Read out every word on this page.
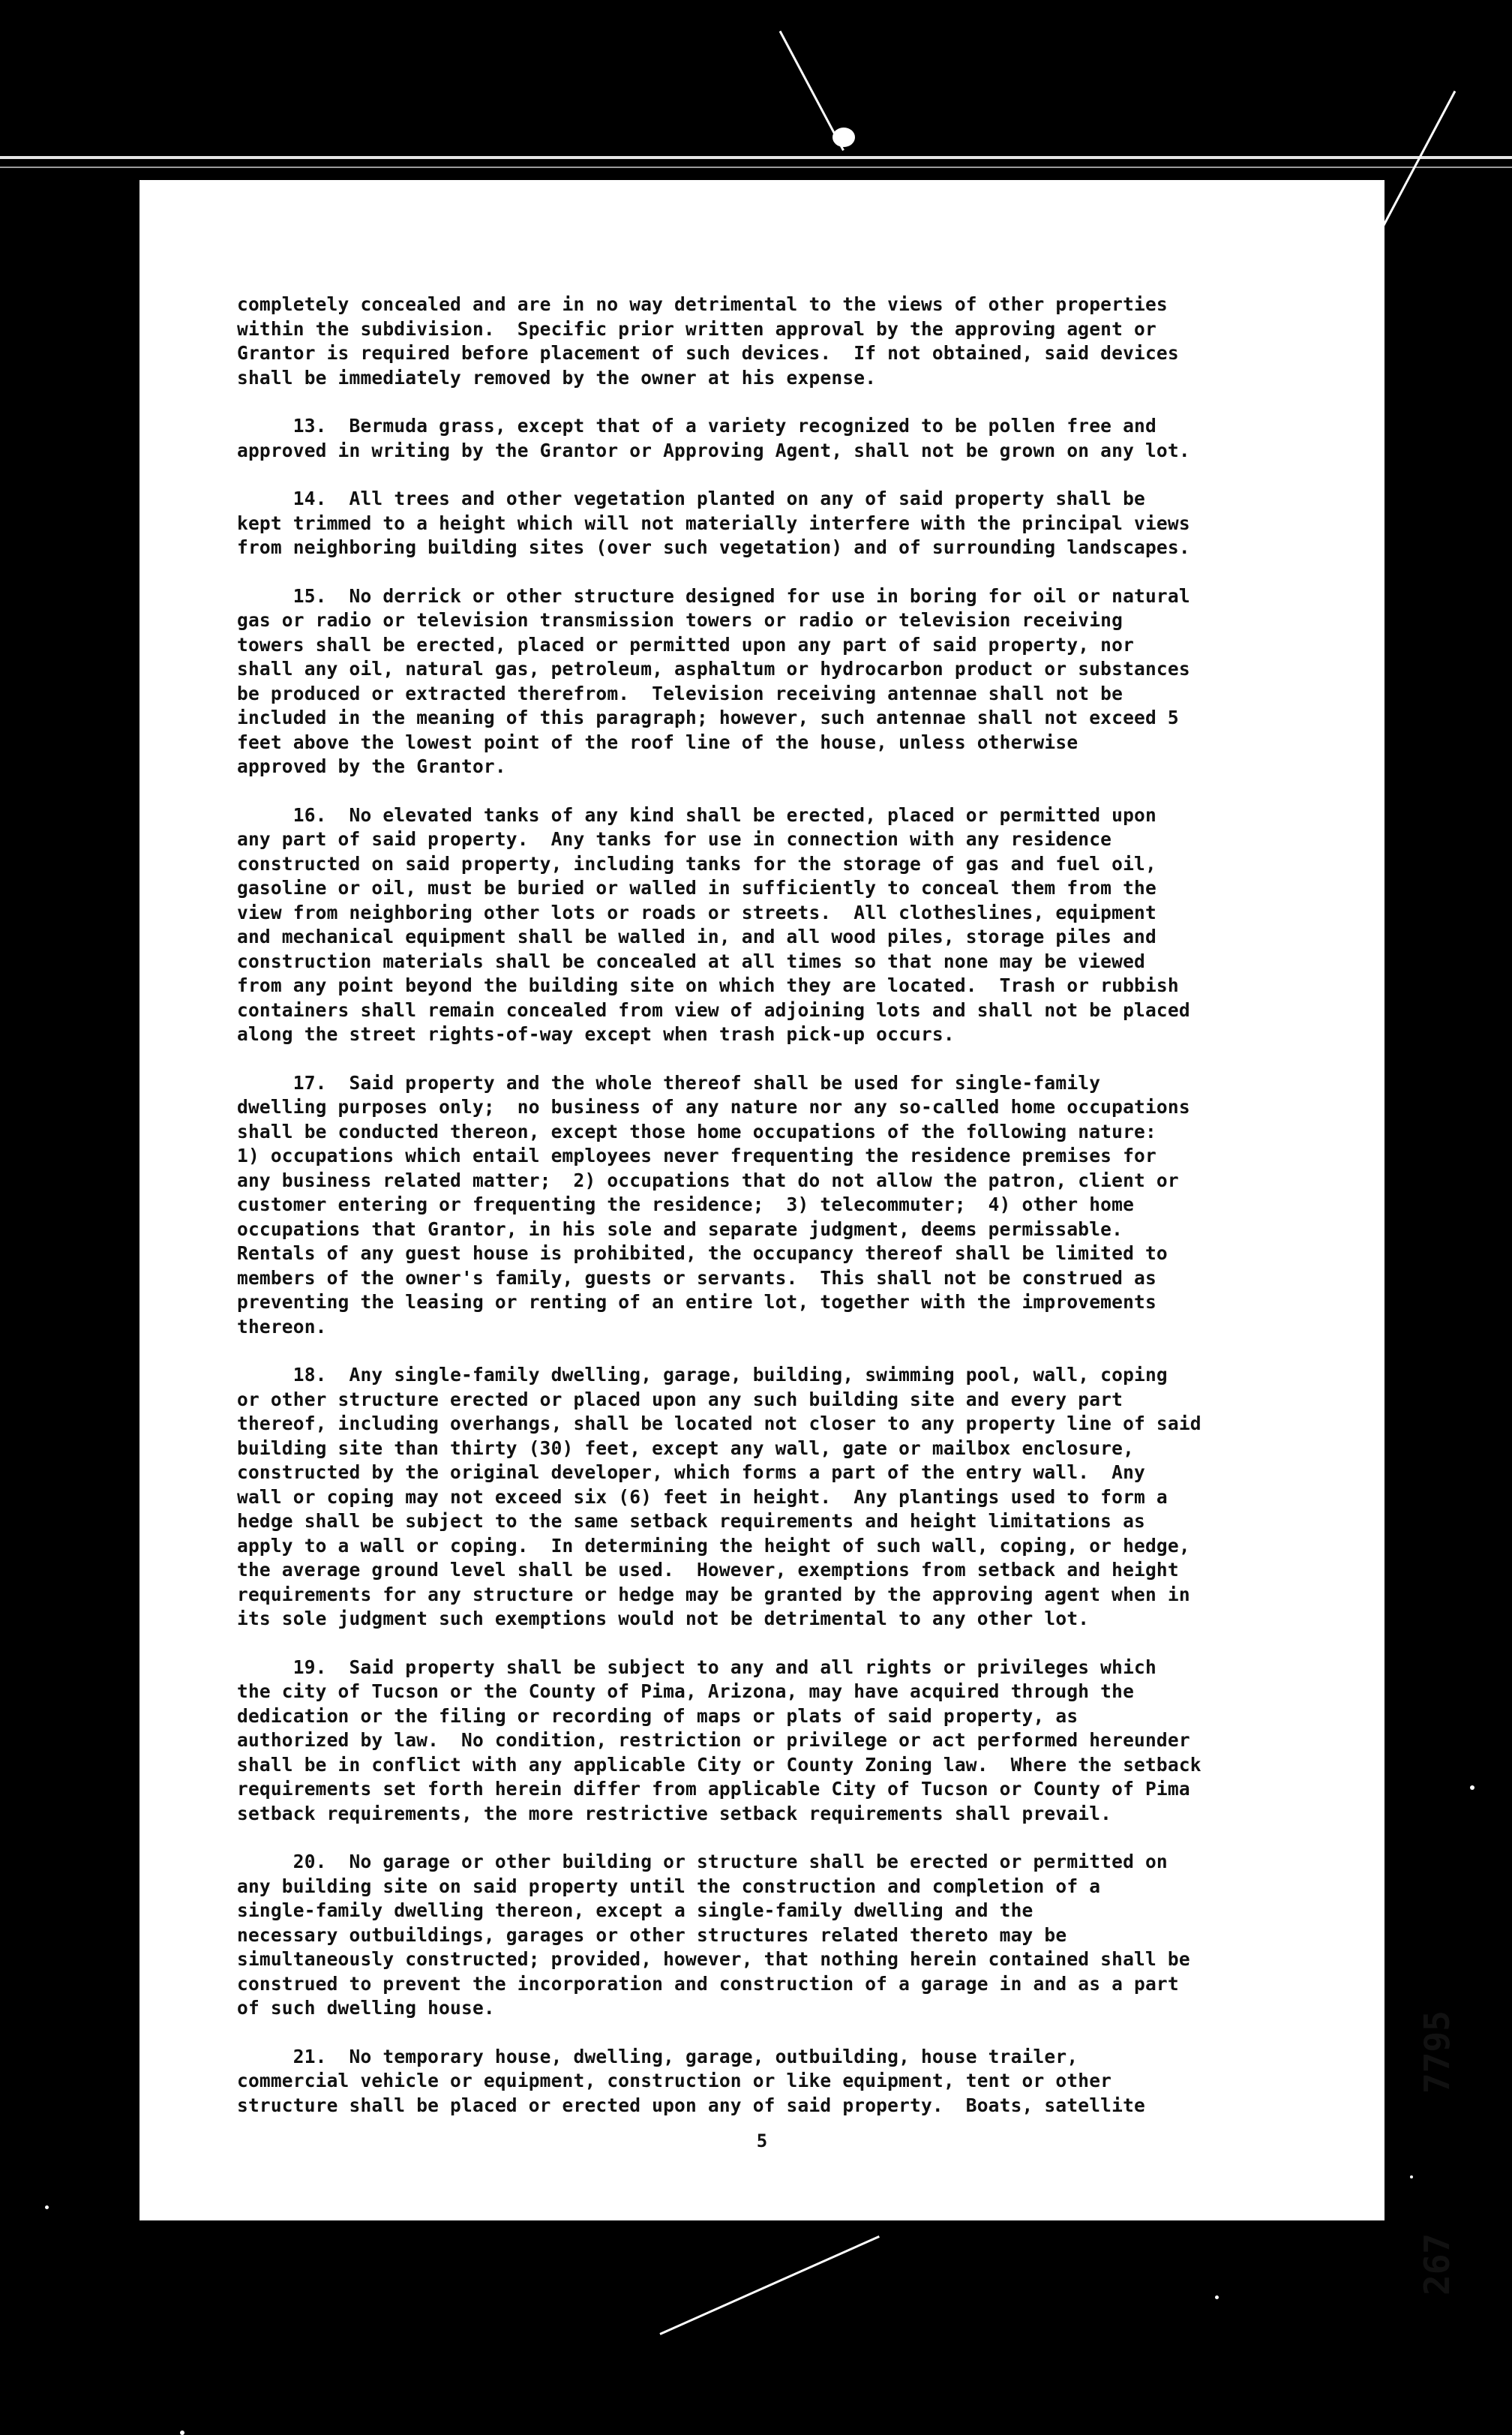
completely concealed and are in no way detrimental to the views of other properties
within the subdivision.  Specific prior written approval by the approving agent or
Grantor is required before placement of such devices.  If not obtained, said devices
shall be immediately removed by the owner at his expense.
13.  Bermuda grass, except that of a variety recognized to be pollen free and
approved in writing by the Grantor or Approving Agent, shall not be grown on any lot.
14.  All trees and other vegetation planted on any of said property shall be
kept trimmed to a height which will not materially interfere with the principal views
from neighboring building sites (over such vegetation) and of surrounding landscapes.
15.  No derrick or other structure designed for use in boring for oil or natural
gas or radio or television transmission towers or radio or television receiving
towers shall be erected, placed or permitted upon any part of said property, nor
shall any oil, natural gas, petroleum, asphaltum or hydrocarbon product or substances
be produced or extracted therefrom.  Television receiving antennae shall not be
included in the meaning of this paragraph; however, such antennae shall not exceed 5
feet above the lowest point of the roof line of the house, unless otherwise
approved by the Grantor.
16.  No elevated tanks of any kind shall be erected, placed or permitted upon
any part of said property.  Any tanks for use in connection with any residence
constructed on said property, including tanks for the storage of gas and fuel oil,
gasoline or oil, must be buried or walled in sufficiently to conceal them from the
view from neighboring other lots or roads or streets.  All clotheslines, equipment
and mechanical equipment shall be walled in, and all wood piles, storage piles and
construction materials shall be concealed at all times so that none may be viewed
from any point beyond the building site on which they are located.  Trash or rubbish
containers shall remain concealed from view of adjoining lots and shall not be placed
along the street rights-of-way except when trash pick-up occurs.
17.  Said property and the whole thereof shall be used for single-family
dwelling purposes only;  no business of any nature nor any so-called home occupations
shall be conducted thereon, except those home occupations of the following nature:
1) occupations which entail employees never frequenting the residence premises for
any business related matter;  2) occupations that do not allow the patron, client or
customer entering or frequenting the residence;  3) telecommuter;  4) other home
occupations that Grantor, in his sole and separate judgment, deems permissable.
Rentals of any guest house is prohibited, the occupancy thereof shall be limited to
members of the owner's family, guests or servants.  This shall not be construed as
preventing the leasing or renting of an entire lot, together with the improvements
thereon.
18.  Any single-family dwelling, garage, building, swimming pool, wall, coping
or other structure erected or placed upon any such building site and every part
thereof, including overhangs, shall be located not closer to any property line of said
building site than thirty (30) feet, except any wall, gate or mailbox enclosure,
constructed by the original developer, which forms a part of the entry wall.  Any
wall or coping may not exceed six (6) feet in height.  Any plantings used to form a
hedge shall be subject to the same setback requirements and height limitations as
apply to a wall or coping.  In determining the height of such wall, coping, or hedge,
the average ground level shall be used.  However, exemptions from setback and height
requirements for any structure or hedge may be granted by the approving agent when in
its sole judgment such exemptions would not be detrimental to any other lot.
19.  Said property shall be subject to any and all rights or privileges which
the city of Tucson or the County of Pima, Arizona, may have acquired through the
dedication or the filing or recording of maps or plats of said property, as
authorized by law.  No condition, restriction or privilege or act performed hereunder
shall be in conflict with any applicable City or County Zoning law.  Where the setback
requirements set forth herein differ from applicable City of Tucson or County of Pima
setback requirements, the more restrictive setback requirements shall prevail.
20.  No garage or other building or structure shall be erected or permitted on
any building site on said property until the construction and completion of a
single-family dwelling thereon, except a single-family dwelling and the
necessary outbuildings, garages or other structures related thereto may be
simultaneously constructed; provided, however, that nothing herein contained shall be
construed to prevent the incorporation and construction of a garage in and as a part
of such dwelling house.
21.  No temporary house, dwelling, garage, outbuilding, house trailer,
commercial vehicle or equipment, construction or like equipment, tent or other
structure shall be placed or erected upon any of said property.  Boats, satellite
267
7795
5
